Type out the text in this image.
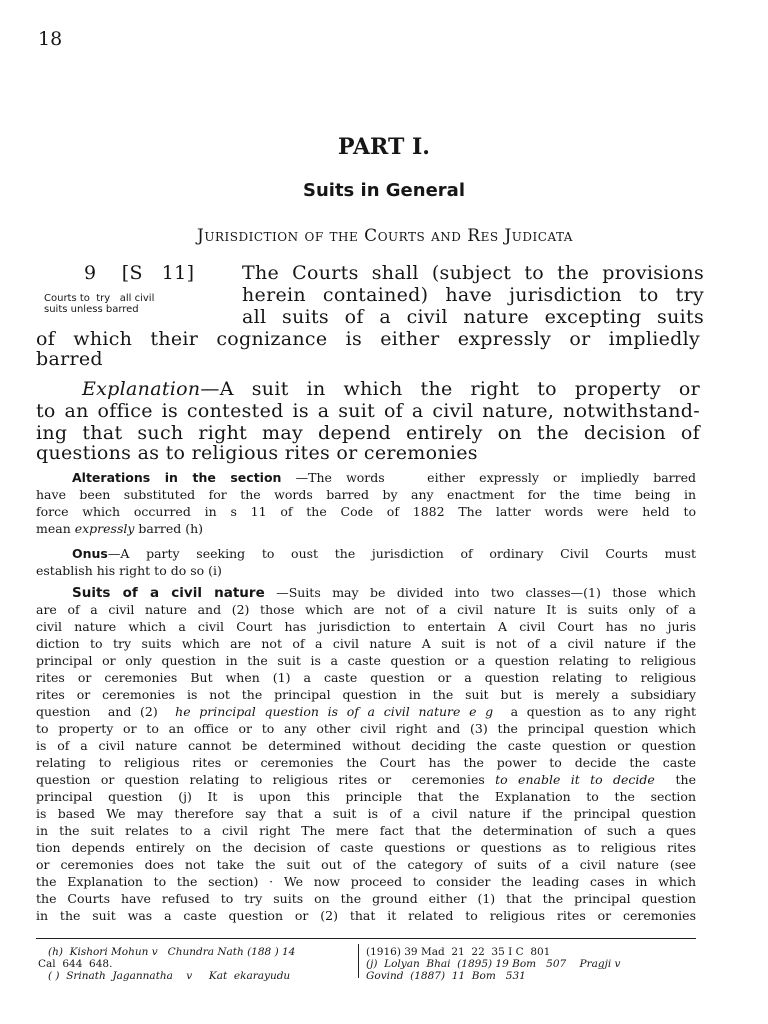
18
PART I.
Suits in General
Jurisdiction of the Courts and Res Judicata
9 [S   11]
Courts to  try   all civil
suits unless barred
The Courts shall (subject to the provisions
herein contained) have jurisdiction to try
all suits of a civil nature excepting suits
of which their cognizance is either expressly or impliedly
barred
Explanation—A suit in which the right to property or
to an office is contested is a suit of a civil nature, notwithstand-
ing that such right may depend entirely on the decision of
questions as to religious rites or ceremonies
Alterations in the section —The words   either expressly or impliedly barred
have been substituted for the words barred by any enactment for the time being in
force which occurred in s 11 of the Code of 1882 The latter words were held to
mean expressly barred (h)
Onus—A party seeking to oust the jurisdiction of ordinary Civil Courts must
establish his right to do so (i)
Suits of a civil nature —Suits may be divided into two classes—(1) those which
are of a civil nature and (2) those which are not of a civil nature It is suits only of a
civil nature which a civil Court has jurisdiction to entertain A civil Court has no juris
diction to try suits which are not of a civil nature A suit is not of a civil nature if the
principal or only question in the suit is a caste question or a question relating to religious
rites or ceremonies But when (1) a caste question or a question relating to religious
rites or ceremonies is not the principal question in the suit but is merely a subsidiary
question  and (2)  he principal question is of a civil nature e g  a question as to any right
to property or to an office or to any other civil right and (3) the principal question which
is of a civil nature cannot be determined without deciding the caste question or question
relating to religious rites or ceremonies the Court has the power to decide the caste
question or question relating to religious rites or  ceremonies to enable it to decide  the
principal question (j) It is upon this principle that the Explanation to the section
is based We may therefore say that a suit is of a civil nature if the principal question
in the suit relates to a civil right The mere fact that the determination of such a ques
tion depends entirely on the decision of caste questions or questions as to religious rites
or ceremonies does not take the suit out of the category of suits of a civil nature (see
the Explanation to the section) · We now proceed to consider the leading cases in which
the Courts have refused to try suits on the ground either (1) that the principal question
in the suit was a caste question or (2) that it related to religious rites or ceremonies
(h)  Kishori Mohun v   Chundra Nath (188 ) 14
Cal  644  648.
( )  Srinath  Jagannatha    v     Kat  ekarayudu
(1916) 39 Mad  21  22  35 I C  801
(j)  Lolyan  Bhai  (1895) 19 Bom   507    Pragji v
Govind  (1887)  11  Bom   531
